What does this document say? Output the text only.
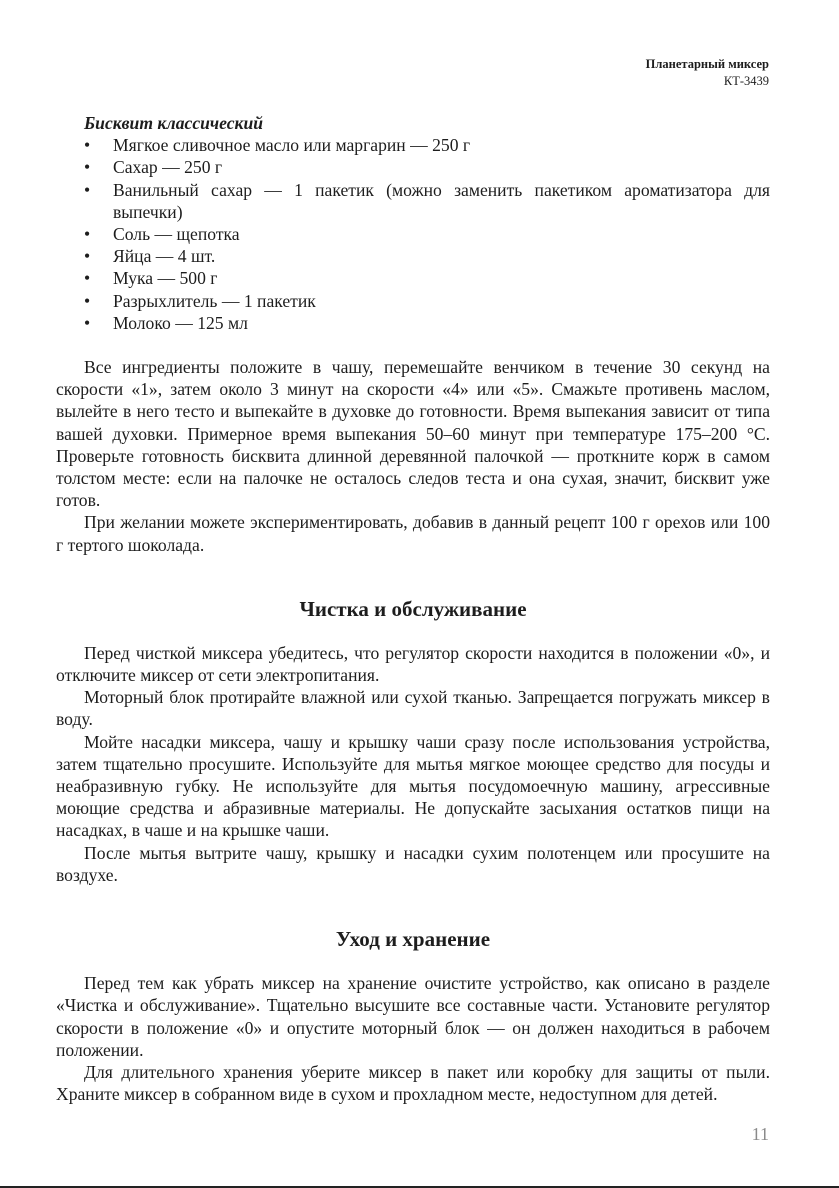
Планетарный миксер
КТ-3439
Бисквит классический
• Мягкое сливочное масло или маргарин — 250 г
• Сахар — 250 г
• Ванильный сахар — 1 пакетик (можно заменить пакетиком ароматизатора для выпечки)
• Соль — щепотка
• Яйца — 4 шт.
• Мука — 500 г
• Разрыхлитель — 1 пакетик
• Молоко — 125 мл

Все ингредиенты положите в чашу, перемешайте венчиком в течение 30 секунд на скорости «1», затем около 3 минут на скорости «4» или «5». Смажьте противень маслом, вылейте в него тесто и выпекайте в духовке до готовности. Время выпекания зависит от типа вашей духовки. Примерное время выпекания 50–60 минут при температуре 175–200 °С. Проверьте готовность бисквита длинной деревянной палочкой — проткните корж в самом толстом месте: если на палочке не осталось следов теста и она сухая, значит, бисквит уже готов.

При желании можете экспериментировать, добавив в данный рецепт 100 г орехов или 100 г тертого шоколада.

Чистка и обслуживание

Перед чисткой миксера убедитесь, что регулятор скорости находится в положении «0», и отключите миксер от сети электропитания.

Моторный блок протирайте влажной или сухой тканью. Запрещается погружать миксер в воду.

Мойте насадки миксера, чашу и крышку чаши сразу после использования устройства, затем тщательно просушите. Используйте для мытья мягкое моющее средство для посуды и неабразивную губку. Не используйте для мытья посудомоечную машину, агрессивные моющие средства и абразивные материалы. Не допускайте засыхания остатков пищи на насадках, в чаше и на крышке чаши.

После мытья вытрите чашу, крышку и насадки сухим полотенцем или просушите на воздухе.

Уход и хранение

Перед тем как убрать миксер на хранение очистите устройство, как описано в разделе «Чистка и обслуживание». Тщательно высушите все составные части. Установите регулятор скорости в положение «0» и опустите моторный блок — он должен находиться в рабочем положении.

Для длительного хранения уберите миксер в пакет или коробку для защиты от пыли. Храните миксер в собранном виде в сухом и прохладном месте, недоступном для детей.

11
